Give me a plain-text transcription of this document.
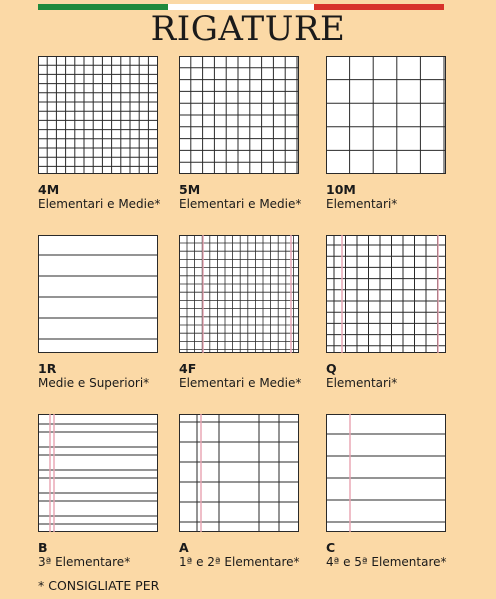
RIGATURE
4M
Elementari e Medie*
5M
Elementari e Medie*
10M
Elementari*
1R
Medie e Superiori*
4F
Elementari e Medie*
Q
Elementari*
B
3ª Elementare*
A
1ª e 2ª Elementare*
C
4ª e 5ª Elementare*
* CONSIGLIATE PER
